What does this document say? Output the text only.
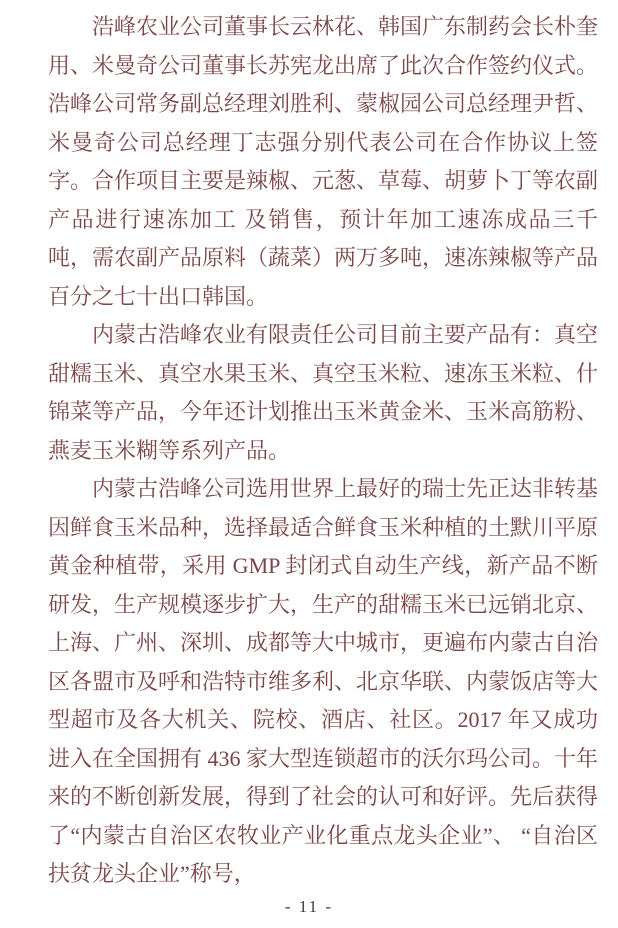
浩峰农业公司董事长云林花、韩国广东制药会长朴奎用、米曼奇公司董事长苏宪龙出席了此次合作签约仪式。浩峰公司常务副总经理刘胜利、蒙椒园公司总经理尹哲、米曼奇公司总经理丁志强分别代表公司在合作协议上签字。合作项目主要是辣椒、元葱、草莓、胡萝卜丁等农副产品进行速冻加工 及销售，预计年加工速冻成品三千吨，需农副产品原料（蔬菜）两万多吨，速冻辣椒等产品百分之七十出口韩国。

内蒙古浩峰农业有限责任公司目前主要产品有：真空甜糯玉米、真空水果玉米、真空玉米粒、速冻玉米粒、什锦菜等产品，今年还计划推出玉米黄金米、玉米高筋粉、燕麦玉米糊等系列产品。

内蒙古浩峰公司选用世界上最好的瑞士先正达非转基因鲜食玉米品种，选择最适合鲜食玉米种植的土默川平原黄金种植带，采用 GMP 封闭式自动生产线，新产品不断研发，生产规模逐步扩大，生产的甜糯玉米已远销北京、上海、广州、深圳、成都等大中城市，更遍布内蒙古自治区各盟市及呼和浩特市维多利、北京华联、内蒙饭店等大型超市及各大机关、院校、酒店、社区。2017 年又成功进入在全国拥有 436 家大型连锁超市的沃尔玛公司。十年来的不断创新发展，得到了社会的认可和好评。先后获得了“内蒙古自治区农牧业产业化重点龙头企业”、 “自治区扶贫龙头企业”称号，

- 11 -
